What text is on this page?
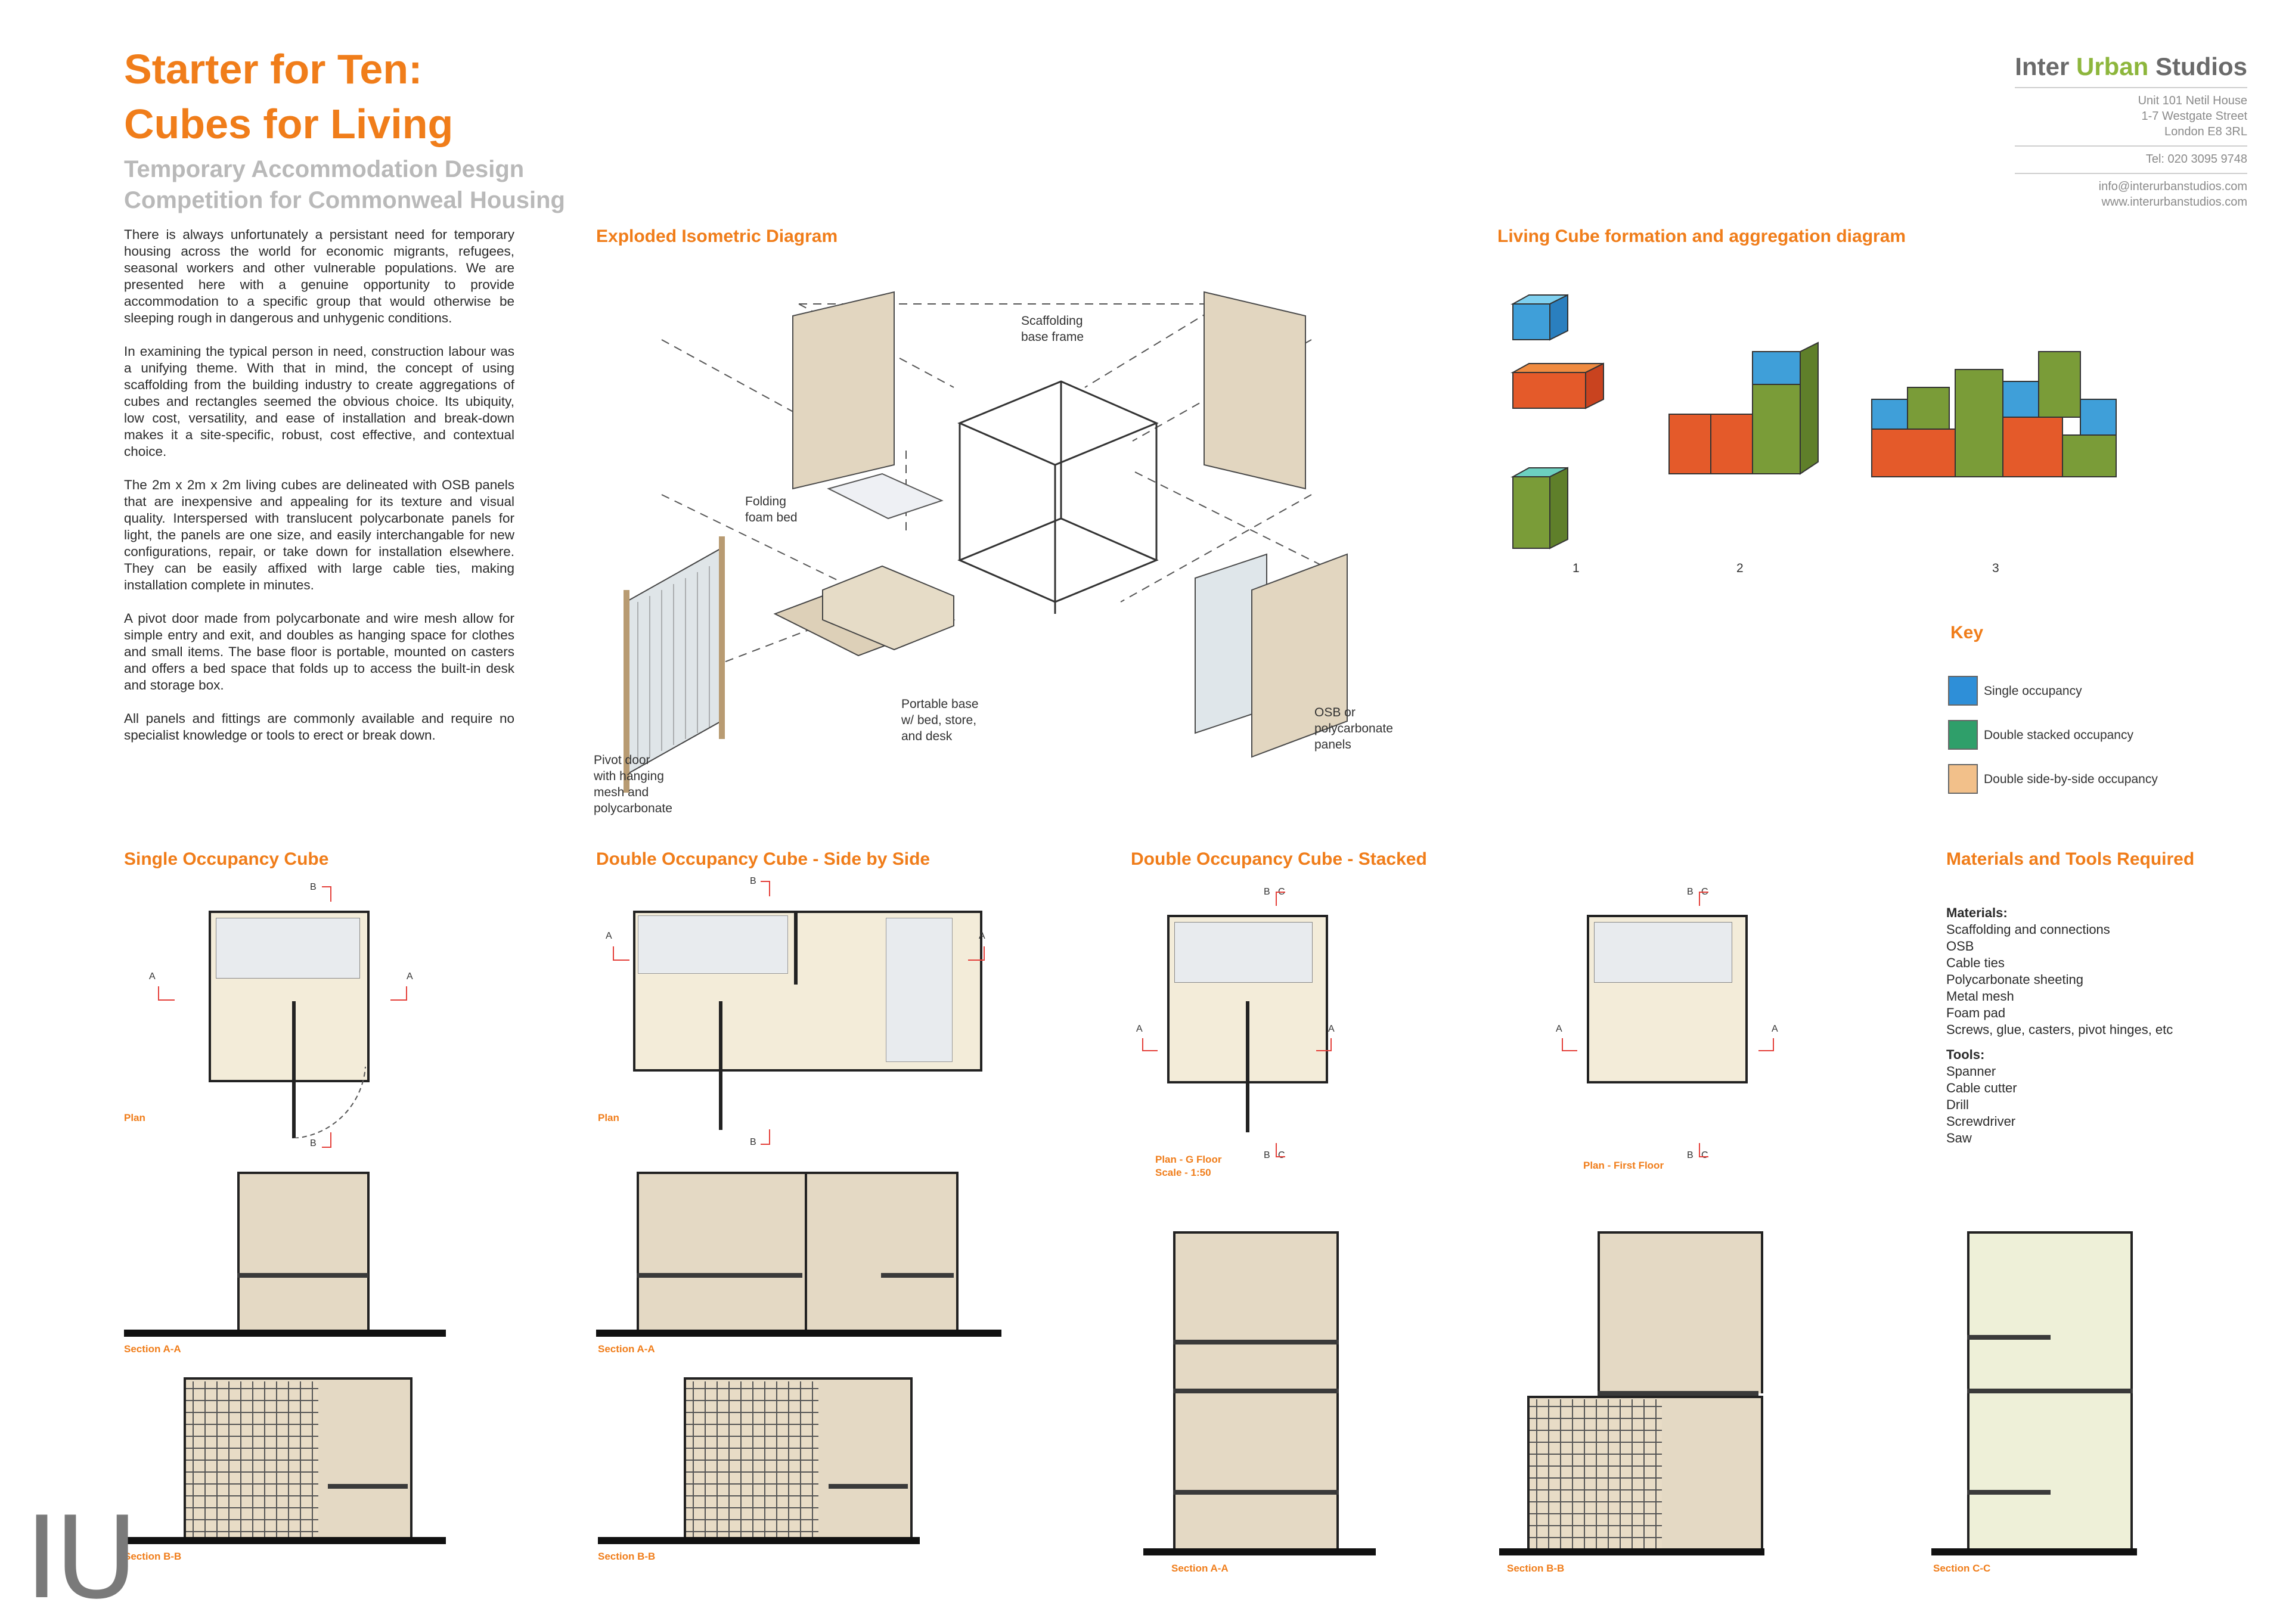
Starter for Ten:
Cubes for Living
Temporary Accommodation Design
Competition for Commonweal Housing
Inter Urban Studios
Unit 101 Netil House
1-7 Westgate Street
London E8 3RL
Tel: 020 3095 9748
info@interurbanstudios.com
www.interurbanstudios.com

There is always unfortunately a persistant need for temporary housing across the world for economic migrants, refugees, seasonal workers and other vulnerable populations. We are presented here with a genuine opportunity to provide accommodation to a specific group that would otherwise be sleeping rough in dangerous and unhygenic conditions.

In examining the typical person in need, construction labour was a unifying theme. With that in mind, the concept of using scaffolding from the building industry to create aggregations of cubes and rectangles seemed the obvious choice. Its ubiquity, low cost, versatility, and ease of installation and break-down makes it a site-specific, robust, cost effective, and contextual choice.

The 2m x 2m x 2m living cubes are delineated with OSB panels that are inexpensive and appealing for its texture and visual quality. Interspersed with translucent polycarbonate panels for light, the panels are one size, and easily interchangable for new configurations, repair, or take down for installation elsewhere. They can be easily affixed with large cable ties, making installation complete in minutes.

A pivot door made from polycarbonate and wire mesh allow for simple entry and exit, and doubles as hanging space for clothes and small items. The base floor is portable, mounted on casters and offers a bed space that folds up to access the built-in desk and storage box.

All panels and fittings are commonly available and require no specialist knowledge or tools to erect or break down.

Exploded Isometric Diagram
Scaffolding
base frame
Folding
foam bed
Portable base
w/ bed, store,
and desk
OSB or
polycarbonate
panels
Pivot door
with hanging
mesh and
polycarbonate
Living Cube formation and aggregation diagram
1	2	3
Key
Single occupancy
Double stacked occupancy
Double side-by-side occupancy
Single Occupancy Cube	Double Occupancy Cube - Side by Side	Double Occupancy Cube - Stacked	Materials and Tools Required
B
A	A
B
Plan
Section A-A
Section B-B
B
A	A
B
Plan
Section A-A
Section B-B
B C
A	A
B C
Plan - G Floor
Scale - 1:50
B C
A	A
B C
Plan - First Floor
Section A-A	Section B-B	Section C-C
Materials:
Scaffolding and connections
OSB
Cable ties
Polycarbonate sheeting
Metal mesh
Foam pad
Screws, glue, casters, pivot hinges, etc
Tools:
Spanner
Cable cutter
Drill
Screwdriver
Saw
IU
